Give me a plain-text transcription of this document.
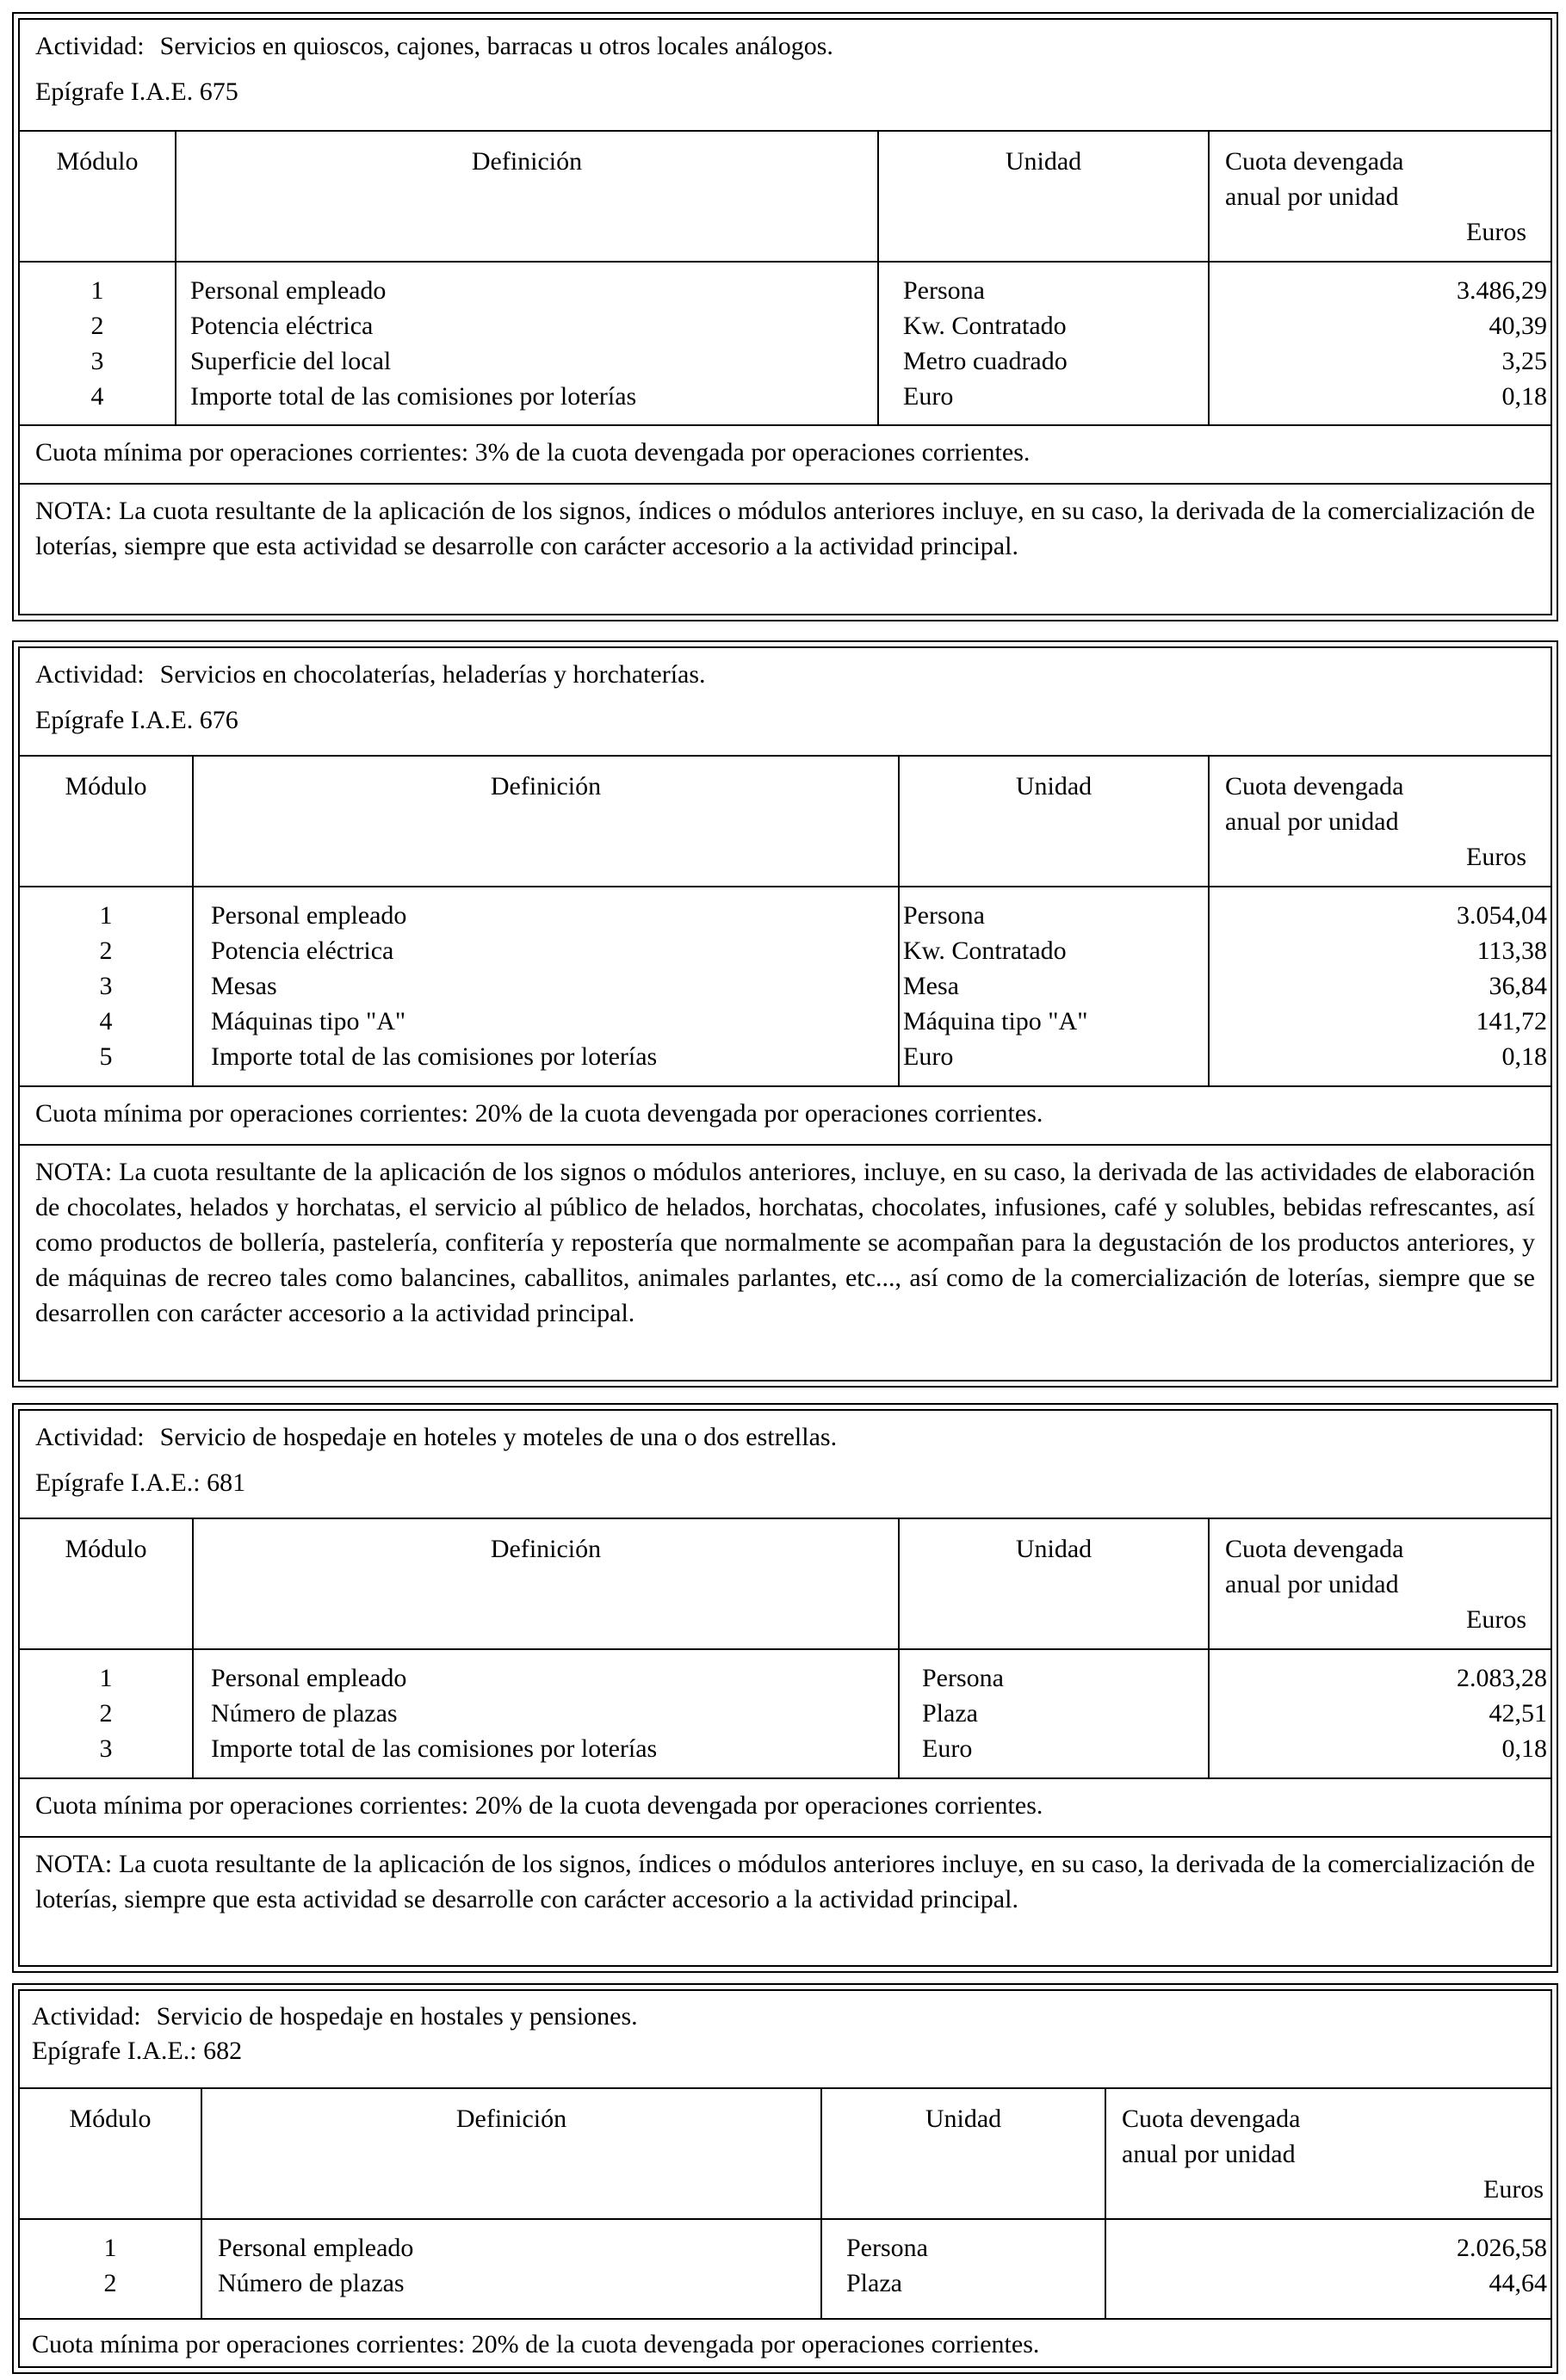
Actividad: Servicios en quioscos, cajones, barracas u otros locales análogos.
Epígrafe I.A.E. 675
Módulo	Definición	Unidad	Cuota devengada
anual por unidad
Euros
1	Personal empleado	Persona	3.486,29
2	Potencia eléctrica	Kw. Contratado	40,39
3	Superficie del local	Metro cuadrado	3,25
4	Importe total de las comisiones por loterías	Euro	0,18
Cuota mínima por operaciones corrientes: 3% de la cuota devengada por operaciones corrientes.
NOTA: La cuota resultante de la aplicación de los signos, índices o módulos anteriores incluye, en su caso, la derivada de la comercialización de loterías, siempre que esta actividad se desarrolle con carácter accesorio a la actividad principal.
Actividad: Servicios en chocolaterías, heladerías y horchaterías.
Epígrafe I.A.E. 676
Módulo	Definición	Unidad	Cuota devengada
anual por unidad
Euros
1	Personal empleado	Persona	3.054,04
2	Potencia eléctrica	Kw. Contratado	113,38
3	Mesas	Mesa	36,84
4	Máquinas tipo "A"	Máquina tipo "A"	141,72
5	Importe total de las comisiones por loterías	Euro	0,18
Cuota mínima por operaciones corrientes: 20% de la cuota devengada por operaciones corrientes.
NOTA: La cuota resultante de la aplicación de los signos o módulos anteriores, incluye, en su caso, la derivada de las actividades de elaboración de chocolates, helados y horchatas, el servicio al público de helados, horchatas, chocolates, infusiones, café y solubles, bebidas refrescantes, así como productos de bollería, pastelería, confitería y repostería que normalmente se acompañan para la degustación de los productos anteriores, y de máquinas de recreo tales como balancines, caballitos, animales parlantes, etc..., así como de la comercialización de loterías, siempre que se desarrollen con carácter accesorio a la actividad principal.
Actividad: Servicio de hospedaje en hoteles y moteles de una o dos estrellas.
Epígrafe I.A.E.: 681
Módulo	Definición	Unidad	Cuota devengada
anual por unidad
Euros
1	Personal empleado	Persona	2.083,28
2	Número de plazas	Plaza	42,51
3	Importe total de las comisiones por loterías	Euro	0,18
Cuota mínima por operaciones corrientes: 20% de la cuota devengada por operaciones corrientes.
NOTA: La cuota resultante de la aplicación de los signos, índices o módulos anteriores incluye, en su caso, la derivada de la comercialización de loterías, siempre que esta actividad se desarrolle con carácter accesorio a la actividad principal.
Actividad: Servicio de hospedaje en hostales y pensiones.
Epígrafe I.A.E.: 682
Módulo	Definición	Unidad	Cuota devengada
anual por unidad
Euros
1	Personal empleado	Persona	2.026,58
2	Número de plazas	Plaza	44,64
Cuota mínima por operaciones corrientes: 20% de la cuota devengada por operaciones corrientes.
